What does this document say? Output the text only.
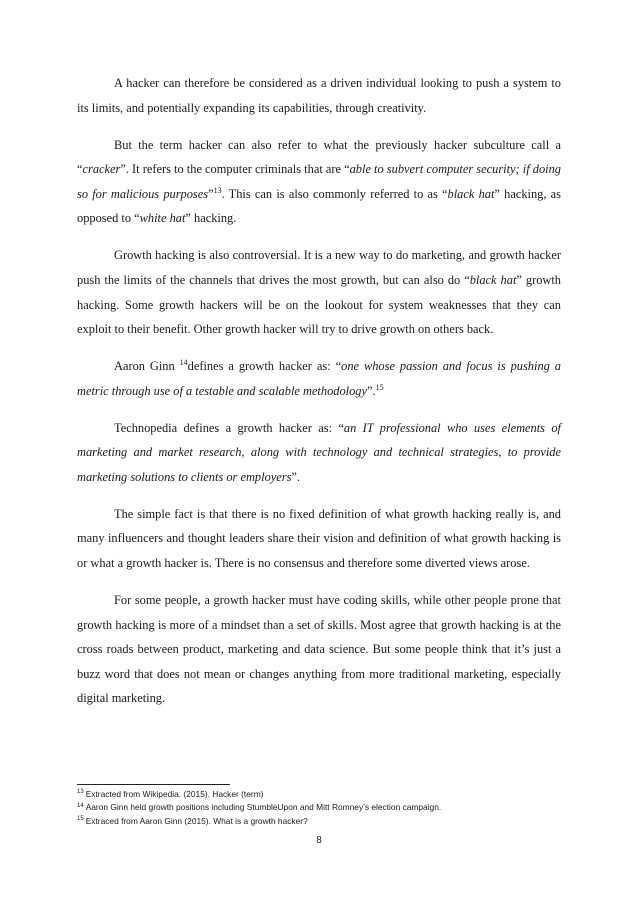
A hacker can therefore be considered as a driven individual looking to push a system to its limits, and potentially expanding its capabilities, through creativity.

But the term hacker can also refer to what the previously hacker subculture call a “cracker”. It refers to the computer criminals that are “able to subvert computer security; if doing so for malicious purposes”$^{13}$. This can is also commonly referred to as “black hat” hacking, as opposed to “white hat” hacking.

Growth hacking is also controversial. It is a new way to do marketing, and growth hacker push the limits of the channels that drives the most growth, but can also do “black hat” growth hacking. Some growth hackers will be on the lookout for system weaknesses that they can exploit to their benefit. Other growth hacker will try to drive growth on others back.

Aaron Ginn $^{14}$defines a growth hacker as: “one whose passion and focus is pushing a metric through use of a testable and scalable methodology”.$^{15}$

Technopedia defines a growth hacker as: “an IT professional who uses elements of marketing and market research, along with technology and technical strategies, to provide marketing solutions to clients or employers”.

The simple fact is that there is no fixed definition of what growth hacking really is, and many influencers and thought leaders share their vision and definition of what growth hacking is or what a growth hacker is. There is no consensus and therefore some diverted views arose.

For some people, a growth hacker must have coding skills, while other people prone that growth hacking is more of a mindset than a set of skills. Most agree that growth hacking is at the cross roads between product, marketing and data science. But some people think that it’s just a buzz word that does not mean or changes anything from more traditional marketing, especially digital marketing.

$^{13}$ Extracted from Wikipedia. (2015). Hacker (term)
$^{14}$ Aaron Ginn held growth positions including StumbleUpon and Mitt Romney’s election campaign.
$^{15}$ Extraced from Aaron Ginn (2015). What is a growth hacker?
8
